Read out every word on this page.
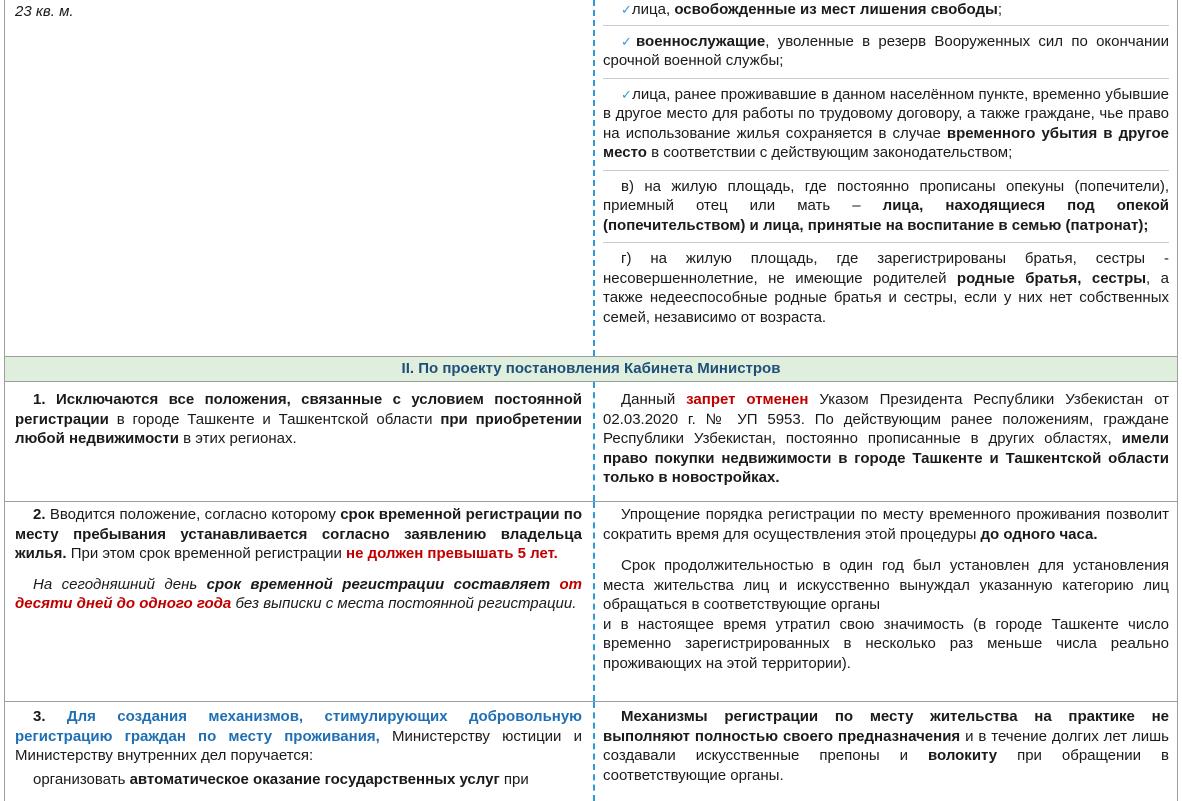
23 кв. м.	✓лица, освобожденные из мест лишения свободы;

✓военнослужащие, уволенные в резерв Вооруженных сил по окончании срочной военной службы;

✓лица, ранее проживавшие в данном населённом пункте, временно убывшие в другое место для работы по трудовому договору, а также граждане, чье право на использование жилья сохраняется в случае временного убытия в другое место в соответствии с действующим законодательством;

в) на жилую площадь, где постоянно прописаны опекуны (попечители), приемный отец или мать – лица, находящиеся под опекой (попечительством) и лица, принятые на воспитание в семью (патронат);

г) на жилую площадь, где зарегистрированы братья, сестры - несовершеннолетние, не имеющие родителей родные братья, сестры, а также недееспособные родные братья и сестры, если у них нет собственных семей, независимо от возраста.

II. По проекту постановления Кабинета Министров

1. Исключаются все положения, связанные с условием постоянной регистрации в городе Ташкенте и Ташкентской области при приобретении любой недвижимости в этих регионах.

Данный запрет отменен Указом Президента Республики Узбекистан от 02.03.2020 г. № УП 5953. По действующим ранее положениям, граждане Республики Узбекистан, постоянно прописанные в других областях, имели право покупки недвижимости в городе Ташкенте и Ташкентской области только в новостройках.

2. Вводится положение, согласно которому срок временной регистрации по месту пребывания устанавливается согласно заявлению владельца жилья. При этом срок временной регистрации не должен превышать 5 лет.

На сегодняшний день срок временной регистрации составляет от десяти дней до одного года без выписки с места постоянной регистрации.

Упрощение порядка регистрации по месту временного проживания позволит сократить время для осуществления этой процедуры до одного часа.

Срок продолжительностью в один год был установлен для установления места жительства лиц и искусственно вынуждал указанную категорию лиц обращаться в соответствующие органы

и в настоящее время утратил свою значимость (в городе Ташкенте число временно зарегистрированных в несколько раз меньше числа реально проживающих на этой территории).

3. Для создания механизмов, стимулирующих добровольную регистрацию граждан по месту проживания, Министерству юстиции и Министерству внутренних дел поручается:

организовать автоматическое оказание государственных услуг при

Механизмы регистрации по месту жительства на практике не выполняют полностью своего предназначения и в течение долгих лет лишь создавали искусственные препоны и волокиту при обращении в соответствующие органы.
